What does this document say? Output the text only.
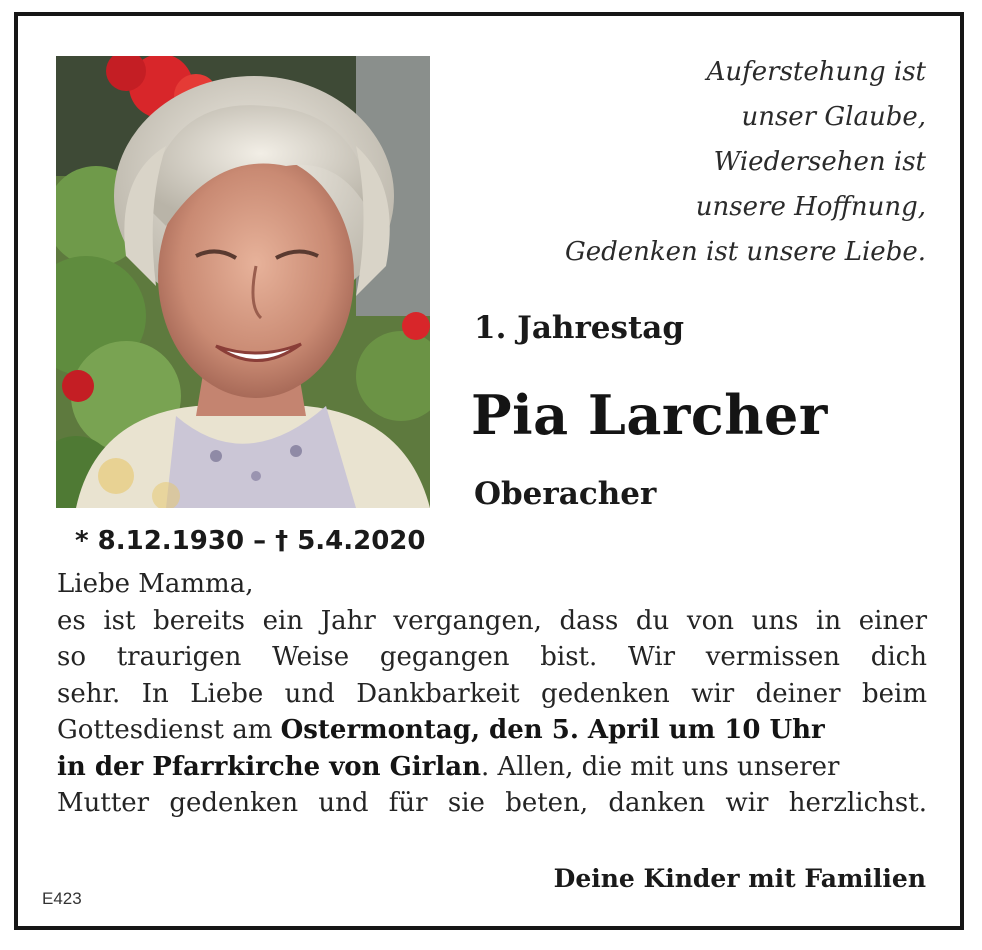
Auferstehung ist
unser Glaube,
Wiedersehen ist
unsere Hoffnung,
Gedenken ist unsere Liebe.
1. Jahrestag
Pia Larcher
Oberacher
* 8.12.1930 – † 5.4.2020
Liebe Mamma,
es ist bereits ein Jahr vergangen, dass du von uns in einer
so traurigen Weise gegangen bist. Wir vermissen dich
sehr. In Liebe und Dankbarkeit gedenken wir deiner beim
Gottesdienst am Ostermontag, den 5. April um 10 Uhr
in der Pfarrkirche von Girlan. Allen, die mit uns unserer
Mutter gedenken und für sie beten, danken wir herzlichst.
Deine Kinder mit Familien
E423
